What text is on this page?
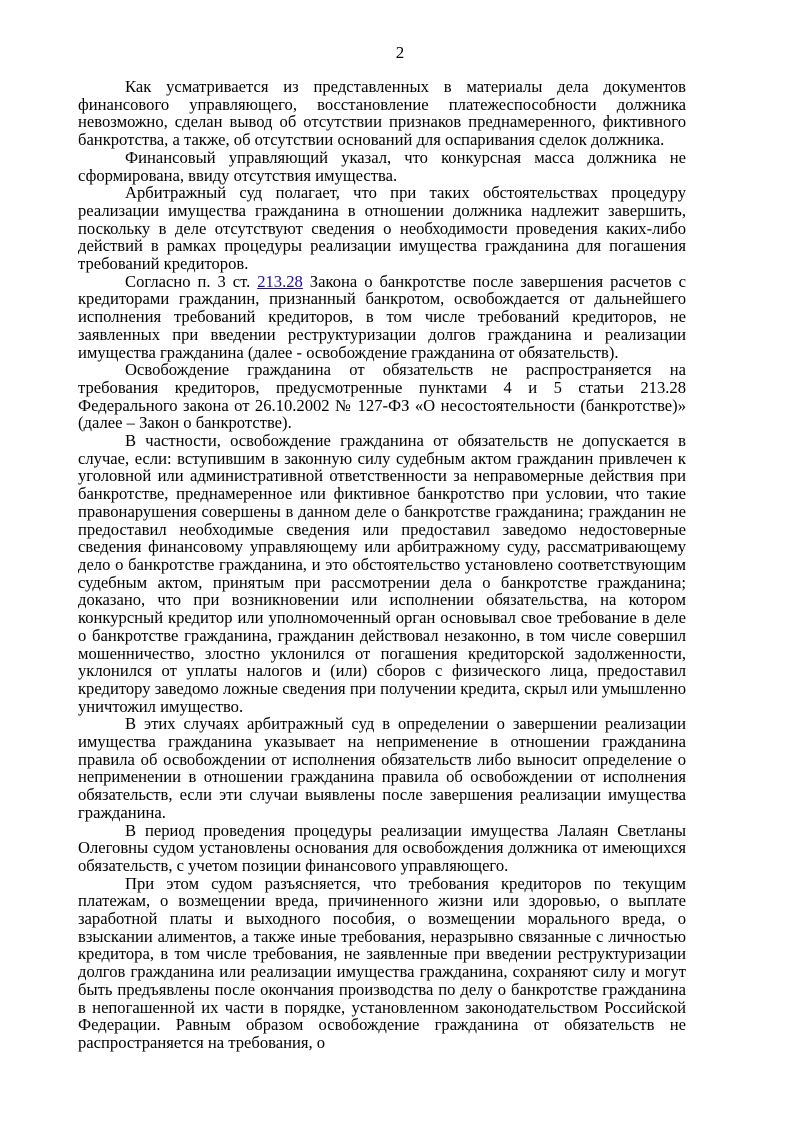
2

Как усматривается из представленных в материалы дела документов финансового управляющего, восстановление платежеспособности должника невозможно, сделан вывод об отсутствии признаков преднамеренного, фиктивного банкротства, а также, об отсутствии оснований для оспаривания сделок должника.

Финансовый управляющий указал, что конкурсная масса должника не сформирована, ввиду отсутствия имущества.

Арбитражный суд полагает, что при таких обстоятельствах процедуру реализации имущества гражданина в отношении должника надлежит завершить, поскольку в деле отсутствуют сведения о необходимости проведения каких-либо действий в рамках процедуры реализации имущества гражданина для погашения требований кредиторов.

Согласно п. 3 ст. 213.28 Закона о банкротстве после завершения расчетов с кредиторами гражданин, признанный банкротом, освобождается от дальнейшего исполнения требований кредиторов, в том числе требований кредиторов, не заявленных при введении реструктуризации долгов гражданина и реализации имущества гражданина (далее - освобождение гражданина от обязательств).

Освобождение гражданина от обязательств не распространяется на требования кредиторов, предусмотренные пунктами 4 и 5 статьи 213.28 Федерального закона от 26.10.2002 № 127-ФЗ «О несостоятельности (банкротстве)» (далее – Закон о банкротстве).

В частности, освобождение гражданина от обязательств не допускается в случае, если: вступившим в законную силу судебным актом гражданин привлечен к уголовной или административной ответственности за неправомерные действия при банкротстве, преднамеренное или фиктивное банкротство при условии, что такие правонарушения совершены в данном деле о банкротстве гражданина; гражданин не предоставил необходимые сведения или предоставил заведомо недостоверные сведения финансовому управляющему или арбитражному суду, рассматривающему дело о банкротстве гражданина, и это обстоятельство установлено соответствующим судебным актом, принятым при рассмотрении дела о банкротстве гражданина; доказано, что при возникновении или исполнении обязательства, на котором конкурсный кредитор или уполномоченный орган основывал свое требование в деле о банкротстве гражданина, гражданин действовал незаконно, в том числе совершил мошенничество, злостно уклонился от погашения кредиторской задолженности, уклонился от уплаты налогов и (или) сборов с физического лица, предоставил кредитору заведомо ложные сведения при получении кредита, скрыл или умышленно уничтожил имущество.

В этих случаях арбитражный суд в определении о завершении реализации имущества гражданина указывает на неприменение в отношении гражданина правила об освобождении от исполнения обязательств либо выносит определение о неприменении в отношении гражданина правила об освобождении от исполнения обязательств, если эти случаи выявлены после завершения реализации имущества гражданина.

В период проведения процедуры реализации имущества Лалаян Светланы Олеговны судом установлены основания для освобождения должника от имеющихся обязательств, с учетом позиции финансового управляющего.

При этом судом разъясняется, что требования кредиторов по текущим платежам, о возмещении вреда, причиненного жизни или здоровью, о выплате заработной платы и выходного пособия, о возмещении морального вреда, о взыскании алиментов, а также иные требования, неразрывно связанные с личностью кредитора, в том числе требования, не заявленные при введении реструктуризации долгов гражданина или реализации имущества гражданина, сохраняют силу и могут быть предъявлены после окончания производства по делу о банкротстве гражданина в непогашенной их части в порядке, установленном законодательством Российской Федерации. Равным образом освобождение гражданина от обязательств не распространяется на требования, о
